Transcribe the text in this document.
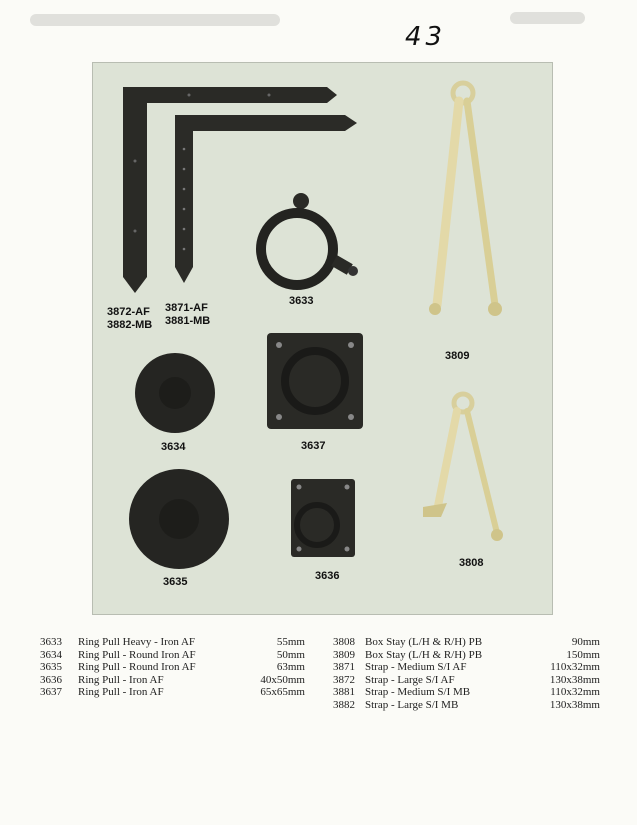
43
3872-AF
3882-MB
3871-AF
3881-MB
3633
3809
3634	3637
3808
3635	3636
3633 Ring Pull Heavy - Iron AF	55mm
3634 Ring Pull - Round Iron AF	50mm
3635 Ring Pull - Round Iron AF	63mm
3636 Ring Pull - Iron AF	40x50mm
3637 Ring Pull - Iron AF	65x65mm
3808 Box Stay (L/H & R/H) PB	90mm
3809 Box Stay (L/H & R/H) PB	150mm
3871 Strap - Medium S/I AF	110x32mm
3872 Strap - Large S/I AF	130x38mm
3881 Strap - Medium S/I MB	110x32mm
3882 Strap - Large S/I MB	130x38mm
